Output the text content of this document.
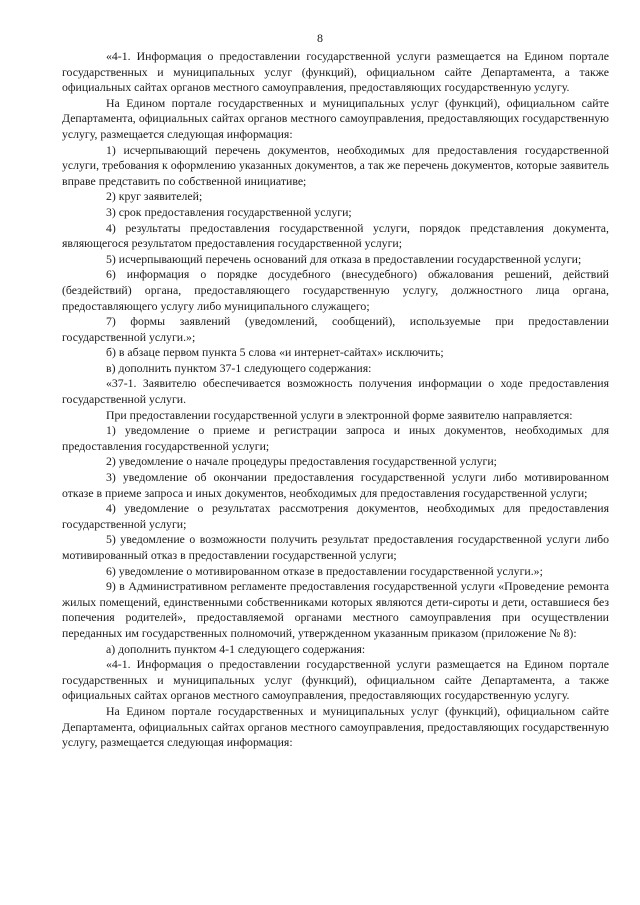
8

«4-1. Информация о предоставлении государственной услуги размещается на Едином портале государственных и муниципальных услуг (функций), официальном сайте Департамента, а также официальных сайтах органов местного самоуправления, предоставляющих государственную услугу.

На Едином портале государственных и муниципальных услуг (функций), официальном сайте Департамента, официальных сайтах органов местного самоуправления, предоставляющих государственную услугу, размещается следующая информация:

1) исчерпывающий перечень документов, необходимых для предоставления государственной услуги, требования к оформлению указанных документов, а так же перечень документов, которые заявитель вправе представить по собственной инициативе;

2) круг заявителей;

3) срок предоставления государственной услуги;

4) результаты предоставления государственной услуги, порядок представления документа, являющегося результатом предоставления государственной услуги;

5) исчерпывающий перечень оснований для отказа в предоставлении государственной услуги;

6) информация о порядке досудебного (внесудебного) обжалования решений, действий (бездействий) органа, предоставляющего государственную услугу, должностного лица органа, предоставляющего услугу либо муниципального служащего;

7) формы заявлений (уведомлений, сообщений), используемые при предоставлении государственной услуги.»;

б) в абзаце первом пункта 5 слова «и интернет-сайтах» исключить;

в) дополнить пунктом 37-1 следующего содержания:

«37-1. Заявителю обеспечивается возможность получения информации о ходе предоставления государственной услуги.

При предоставлении государственной услуги в электронной форме заявителю направляется:

1) уведомление о приеме и регистрации запроса и иных документов, необходимых для предоставления государственной услуги;

2) уведомление о начале процедуры предоставления государственной услуги;

3) уведомление об окончании предоставления государственной услуги либо мотивированном отказе в приеме запроса и иных документов, необходимых для предоставления государственной услуги;

4) уведомление о результатах рассмотрения документов, необходимых для предоставления государственной услуги;

5) уведомление о возможности получить результат предоставления государственной услуги либо мотивированный отказ в предоставлении государственной услуги;

6) уведомление о мотивированном отказе в предоставлении государственной услуги.»;

9) в Административном регламенте предоставления государственной услуги «Проведение ремонта жилых помещений, единственными собственниками которых являются дети-сироты и дети, оставшиеся без попечения родителей», предоставляемой органами местного самоуправления при осуществлении переданных им государственных полномочий, утвержденном указанным приказом (приложение № 8):

а) дополнить пунктом 4-1 следующего содержания:

«4-1. Информация о предоставлении государственной услуги размещается на Едином портале государственных и муниципальных услуг (функций), официальном сайте Департамента, а также официальных сайтах органов местного самоуправления, предоставляющих государственную услугу.

На Едином портале государственных и муниципальных услуг (функций), официальном сайте Департамента, официальных сайтах органов местного самоуправления, предоставляющих государственную услугу, размещается следующая информация:
